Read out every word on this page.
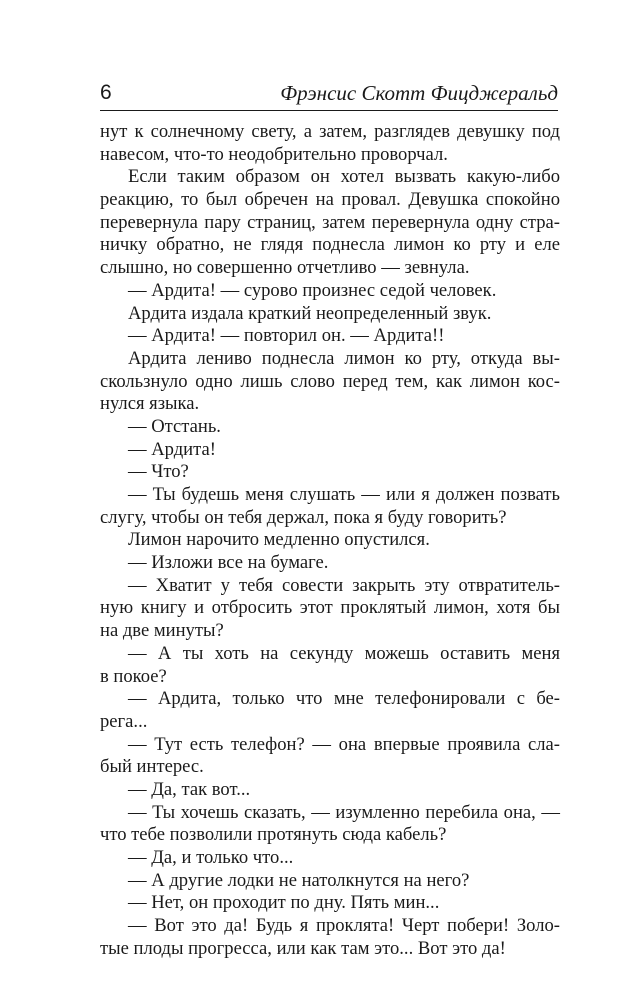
6	Фрэнсис Скотт Фицджеральд
нут к солнечному свету, а затем, разглядев девушку под
навесом, что-то неодобрительно проворчал.
Если таким образом он хотел вызвать какую-либо
реакцию, то был обречен на провал. Девушка спокойно
перевернула пару страниц, затем перевернула одну стра-
ничку обратно, не глядя поднесла лимон ко рту и еле
слышно, но совершенно отчетливо — зевнула.
— Ардита! — сурово произнес седой человек.
Ардита издала краткий неопределенный звук.
— Ардита! — повторил он. — Ардита!!
Ардита лениво поднесла лимон ко рту, откуда вы-
скользнуло одно лишь слово перед тем, как лимон кос-
нулся языка.
— Отстань.
— Ардита!
— Что?
— Ты будешь меня слушать — или я должен позвать
слугу, чтобы он тебя держал, пока я буду говорить?
Лимон нарочито медленно опустился.
— Изложи все на бумаге.
— Хватит у тебя совести закрыть эту отвратитель-
ную книгу и отбросить этот проклятый лимон, хотя бы
на две минуты?
— А ты хоть на секунду можешь оставить меня
в покое?
— Ардита, только что мне телефонировали с бе-
рега...
— Тут есть телефон? — она впервые проявила сла-
бый интерес.
— Да, так вот...
— Ты хочешь сказать, — изумленно перебила она, —
что тебе позволили протянуть сюда кабель?
— Да, и только что...
— А другие лодки не натолкнутся на него?
— Нет, он проходит по дну. Пять мин...
— Вот это да! Будь я проклята! Черт побери! Золо-
тые плоды прогресса, или как там это... Вот это да!
